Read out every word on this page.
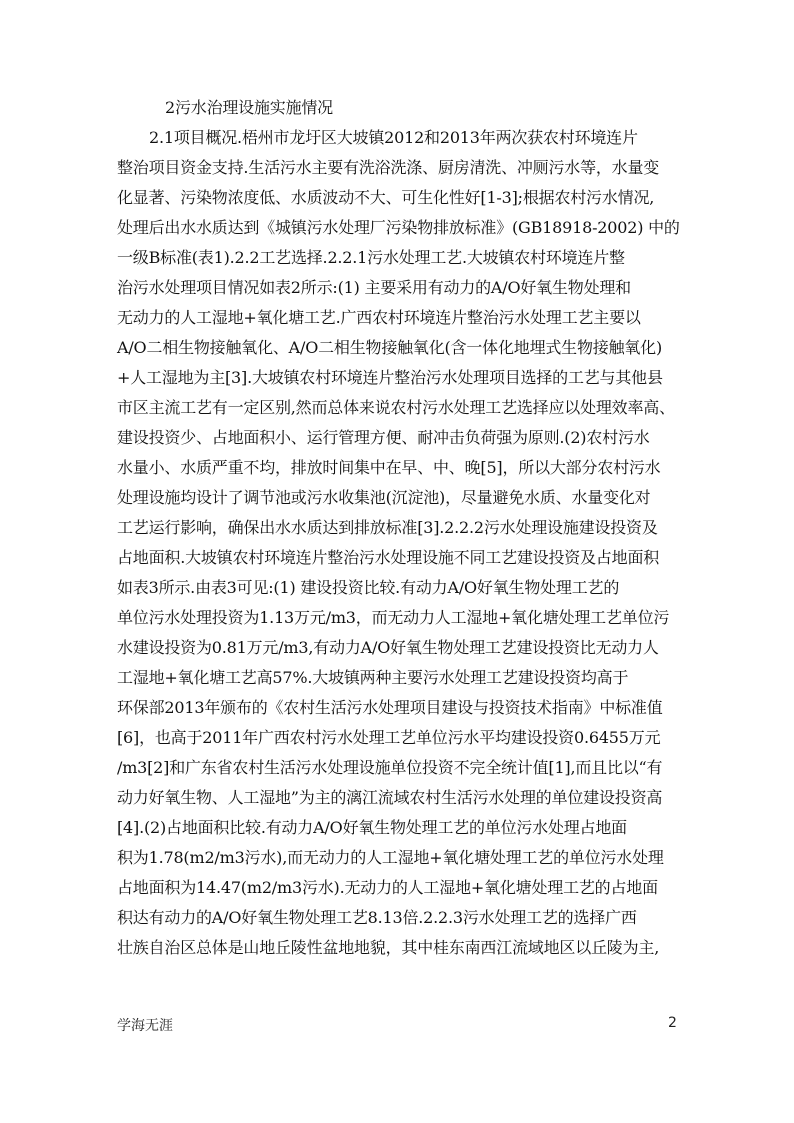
2污水治理设施实施情况
2.1项目概况.梧州市龙圩区大坡镇2012和2013年两次获农村环境连片
整治项目资金支持.生活污水主要有洗浴洗涤、厨房清洗、冲厕污水等，水量变
化显著、污染物浓度低、水质波动不大、可生化性好[1-3];根据农村污水情况,
处理后出水水质达到《城镇污水处理厂污染物排放标准》(GB18918-2002) 中的
一级B标准(表1).2.2工艺选择.2.2.1污水处理工艺.大坡镇农村环境连片整
治污水处理项目情况如表2所示:(1) 主要采用有动力的A/O好氧生物处理和
无动力的人工湿地+氧化塘工艺.广西农村环境连片整治污水处理工艺主要以
A/O二相生物接触氧化、A/O二相生物接触氧化(含一体化地埋式生物接触氧化)
+人工湿地为主[3].大坡镇农村环境连片整治污水处理项目选择的工艺与其他县
市区主流工艺有一定区别,然而总体来说农村污水处理工艺选择应以处理效率高、
建设投资少、占地面积小、运行管理方便、耐冲击负荷强为原则.(2)农村污水
水量小、水质严重不均，排放时间集中在早、中、晚[5]，所以大部分农村污水
处理设施均设计了调节池或污水收集池(沉淀池)，尽量避免水质、水量变化对
工艺运行影响，确保出水水质达到排放标准[3].2.2.2污水处理设施建设投资及
占地面积.大坡镇农村环境连片整治污水处理设施不同工艺建设投资及占地面积
如表3所示.由表3可见:(1) 建设投资比较.有动力A/O好氧生物处理工艺的
单位污水处理投资为1.13万元/m3，而无动力人工湿地+氧化塘处理工艺单位污
水建设投资为0.81万元/m3,有动力A/O好氧生物处理工艺建设投资比无动力人
工湿地+氧化塘工艺高57%.大坡镇两种主要污水处理工艺建设投资均高于
环保部2013年颁布的《农村生活污水处理项目建设与投资技术指南》中标准值
[6]，也高于2011年广西农村污水处理工艺单位污水平均建设投资0.6455万元
/m3[2]和广东省农村生活污水处理设施单位投资不完全统计值[1],而且比以“有
动力好氧生物、人工湿地”为主的漓江流域农村生活污水处理的单位建设投资高
[4].(2)占地面积比较.有动力A/O好氧生物处理工艺的单位污水处理占地面
积为1.78(m2/m3污水),而无动力的人工湿地+氧化塘处理工艺的单位污水处理
占地面积为14.47(m2/m3污水).无动力的人工湿地+氧化塘处理工艺的占地面
积达有动力的A/O好氧生物处理工艺8.13倍.2.2.3污水处理工艺的选择广西
壮族自治区总体是山地丘陵性盆地地貌，其中桂东南西江流域地区以丘陵为主,
学海无涯	2
